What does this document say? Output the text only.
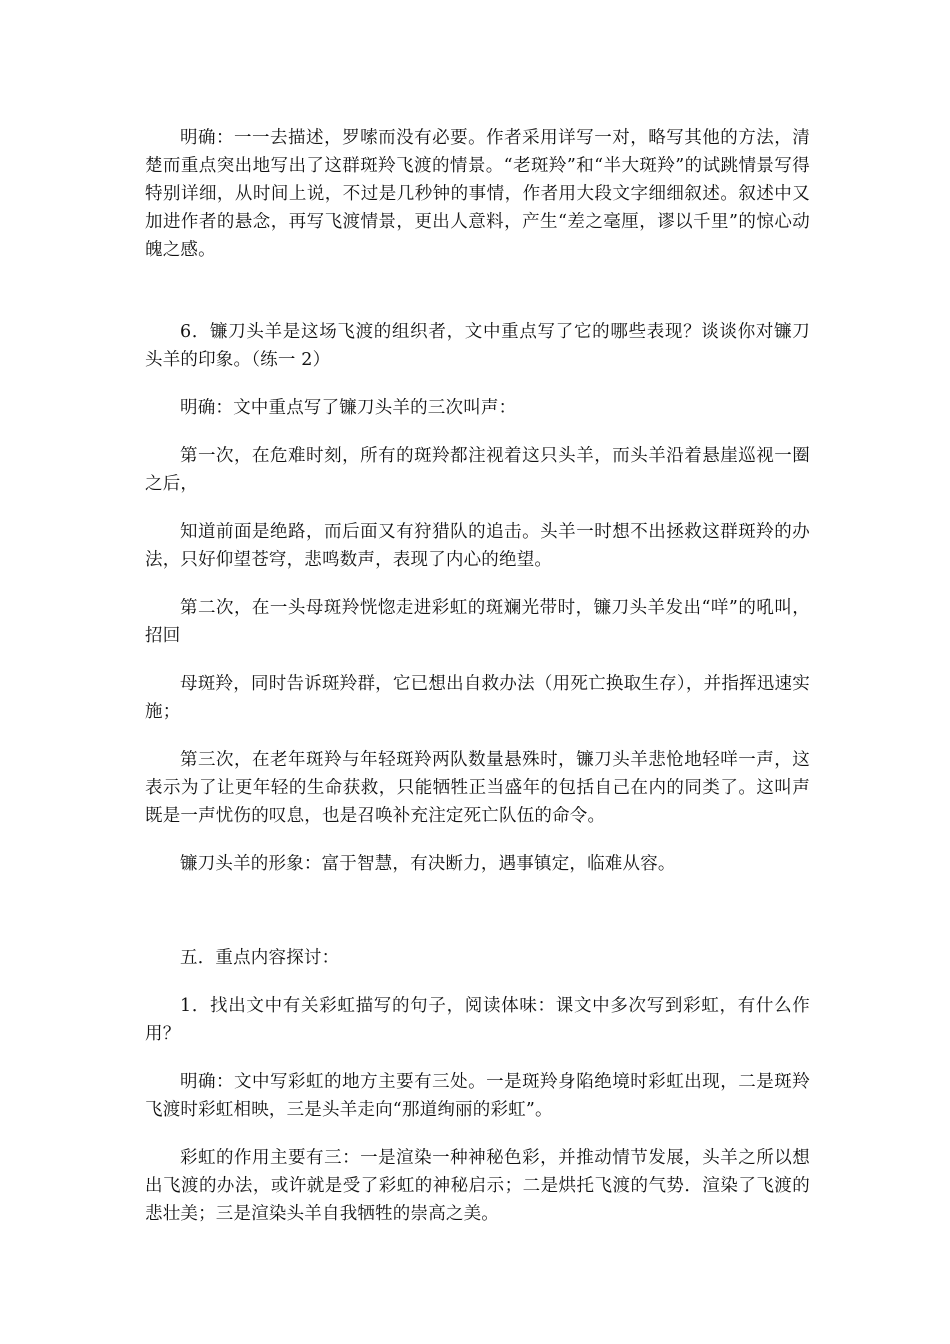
明确：一一去描述，罗嗦而没有必要。作者采用详写一对，略写其他的方法，清楚而重点突出地写出了这群斑羚飞渡的情景。“老斑羚”和“半大斑羚”的试跳情景写得特别详细，从时间上说，不过是几秒钟的事情，作者用大段文字细细叙述。叙述中又加进作者的悬念，再写飞渡情景，更出人意料，产生“差之毫厘，谬以千里”的惊心动魄之感。

6．镰刀头羊是这场飞渡的组织者，文中重点写了它的哪些表现？谈谈你对镰刀头羊的印象。（练一 2）

明确：文中重点写了镰刀头羊的三次叫声：

第一次，在危难时刻，所有的斑羚都注视着这只头羊，而头羊沿着悬崖巡视一圈之后，

知道前面是绝路，而后面又有狩猎队的追击。头羊一时想不出拯救这群斑羚的办法，只好仰望苍穹，悲鸣数声，表现了内心的绝望。

第二次，在一头母斑羚恍惚走进彩虹的斑斓光带时，镰刀头羊发出“咩”的吼叫，招回

母斑羚，同时告诉斑羚群，它已想出自救办法（用死亡换取生存），并指挥迅速实施；

第三次，在老年斑羚与年轻斑羚两队数量悬殊时，镰刀头羊悲怆地轻咩一声，这表示为了让更年轻的生命获救，只能牺牲正当盛年的包括自己在内的同类了。这叫声既是一声忧伤的叹息，也是召唤补充注定死亡队伍的命令。

镰刀头羊的形象：富于智慧，有决断力，遇事镇定，临难从容。

五．重点内容探讨：

1．找出文中有关彩虹描写的句子，阅读体味：课文中多次写到彩虹，有什么作用？

明确：文中写彩虹的地方主要有三处。一是斑羚身陷绝境时彩虹出现，二是斑羚飞渡时彩虹相映，三是头羊走向“那道绚丽的彩虹”。

彩虹的作用主要有三：一是渲染一种神秘色彩，并推动情节发展，头羊之所以想出飞渡的办法，或许就是受了彩虹的神秘启示；二是烘托飞渡的气势．渲染了飞渡的悲壮美；三是渲染头羊自我牺牲的崇高之美。
